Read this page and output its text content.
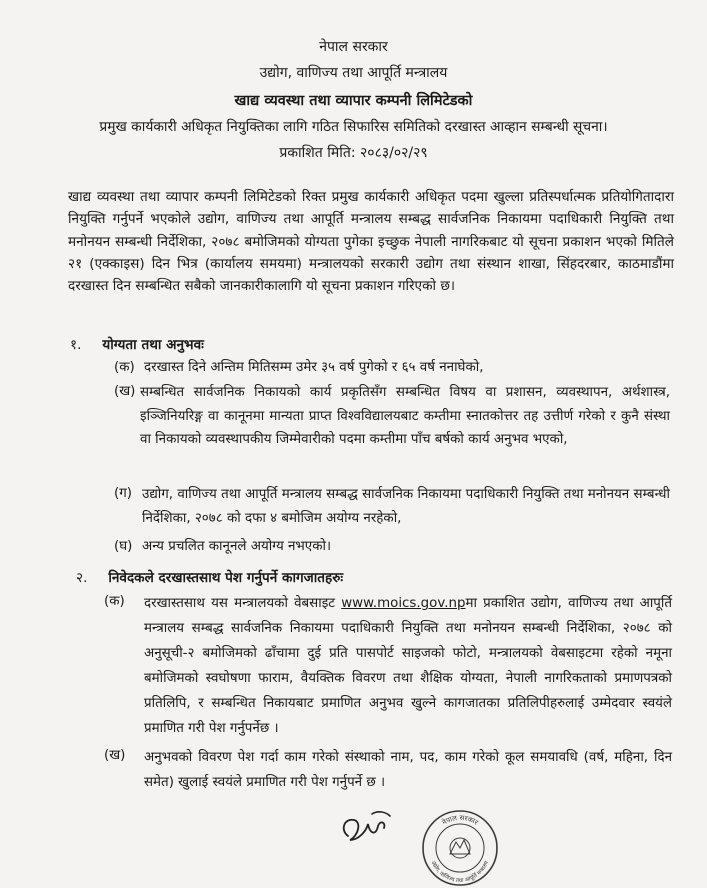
नेपाल सरकार
उद्योग, वाणिज्य तथा आपूर्ति मन्त्रालय
खाद्य व्यवस्था तथा व्यापार कम्पनी लिमिटेडको
प्रमुख कार्यकारी अधिकृत नियुक्तिका लागि गठित सिफारिस समितिको दरखास्त आव्हान सम्बन्धी सूचना।
प्रकाशित मिति: २०८३/०२/२९
खाद्य व्यवस्था तथा व्यापार कम्पनी लिमिटेडको रिक्त प्रमुख कार्यकारी अधिकृत पदमा खुल्ला प्रतिस्पर्धात्मक प्रतियोगितादारा नियुक्ति गर्नुपर्ने भएकोले उद्योग, वाणिज्य तथा आपूर्ति मन्त्रालय सम्बद्ध सार्वजनिक निकायमा पदाधिकारी नियुक्ति तथा मनोनयन सम्बन्धी निर्देशिका, २०७८ बमोजिमको योग्यता पुगेका इच्छुक नेपाली नागरिकबाट यो सूचना प्रकाशन भएको मितिले २१ (एक्काइस) दिन भित्र (कार्यालय समयमा) मन्त्रालयको सरकारी उद्योग तथा संस्थान शाखा, सिंहदरबार, काठमाडौंमा दरखास्त दिन सम्बन्धित सबैको जानकारीकालागि यो सूचना प्रकाशन गरिएको छ।
१. योग्यता तथा अनुभवः
(क) दरखास्त दिने अन्तिम मितिसम्म उमेर ३५ वर्ष पुगेको र ६५ वर्ष ननाघेको,
(ख) सम्बन्धित सार्वजनिक निकायको कार्य प्रकृतिसँग सम्बन्धित विषय वा प्रशासन, व्यवस्थापन, अर्थशास्त्र, इञ्जिनियरिङ्ग वा कानूनमा मान्यता प्राप्त विश्वविद्यालयबाट कम्तीमा स्नातकोत्तर तह उत्तीर्ण गरेको र कुनै संस्था वा निकायको व्यवस्थापकीय जिम्मेवारीको पदमा कम्तीमा पाँच बर्षको कार्य अनुभव भएको,
(ग) उद्योग, वाणिज्य तथा आपूर्ति मन्त्रालय सम्बद्ध सार्वजनिक निकायमा पदाधिकारी नियुक्ति तथा मनोनयन सम्बन्धी निर्देशिका, २०७८ को दफा ४ बमोजिम अयोग्य नरहेको,
(घ) अन्य प्रचलित कानूनले अयोग्य नभएको।
२. निवेदकले दरखास्तसाथ पेश गर्नुपर्ने कागजातहरुः
(क) दरखास्तसाथ यस मन्त्रालयको वेबसाइट www.moics.gov.npमा प्रकाशित उद्योग, वाणिज्य तथा आपूर्ति मन्त्रालय सम्बद्ध सार्वजनिक निकायमा पदाधिकारी नियुक्ति तथा मनोनयन सम्बन्धी निर्देशिका, २०७८ को अनुसूची-२ बमोजिमको ढाँचामा दुई प्रति पासपोर्ट साइजको फोटो, मन्त्रालयको वेबसाइटमा रहेको नमूना बमोजिमको स्वघोषणा फाराम, वैयक्तिक विवरण तथा शैक्षिक योग्यता, नेपाली नागरिकताको प्रमाणपत्रको प्रतिलिपि, र सम्बन्धित निकायबाट प्रमाणित अनुभव खुल्ने कागजातका प्रतिलिपीहरुलाई उम्मेदवार स्वयंले प्रमाणित गरी पेश गर्नुपर्नेछ ।
(ख) अनुभवको विवरण पेश गर्दा काम गरेको संस्थाको नाम, पद, काम गरेको कूल समयावधि (वर्ष, महिना, दिन समेत) खुलाई स्वयंले प्रमाणित गरी पेश गर्नुपर्ने छ ।
नेपाल सरकार
उद्योग, वाणिज्य तथा आपूर्ति मन्त्रालय
